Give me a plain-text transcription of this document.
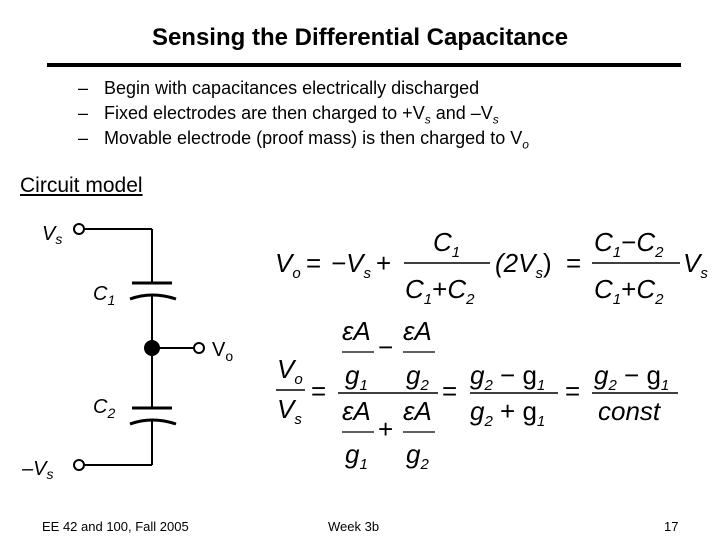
Sensing the Differential Capacitance
– Begin with capacitances electrically discharged
– Fixed electrodes are then charged to $+V_s$ and $-V_s$
– Movable electrode (proof mass) is then charged to $V_o$
Circuit model
$V_s$
$C_1$
$V_o$
$C_2$
$-V_s$
$V_o = -V_s$ +
$C_1$
$C_1+C_2$
$(2V_s)$ =
$C_1-C_2$
$C_1+C_2$
$V_s$
$V_o$
$V_s$
=
εA
$g_1$
−
εA
$g_2$
εA
$g_1$
+
εA
$g_2$
=
$g_2 - g_1$
$g_2 + g_1$
=
$g_2 - g_1$
const
EE 42 and 100, Fall 2005	Week 3b	17
